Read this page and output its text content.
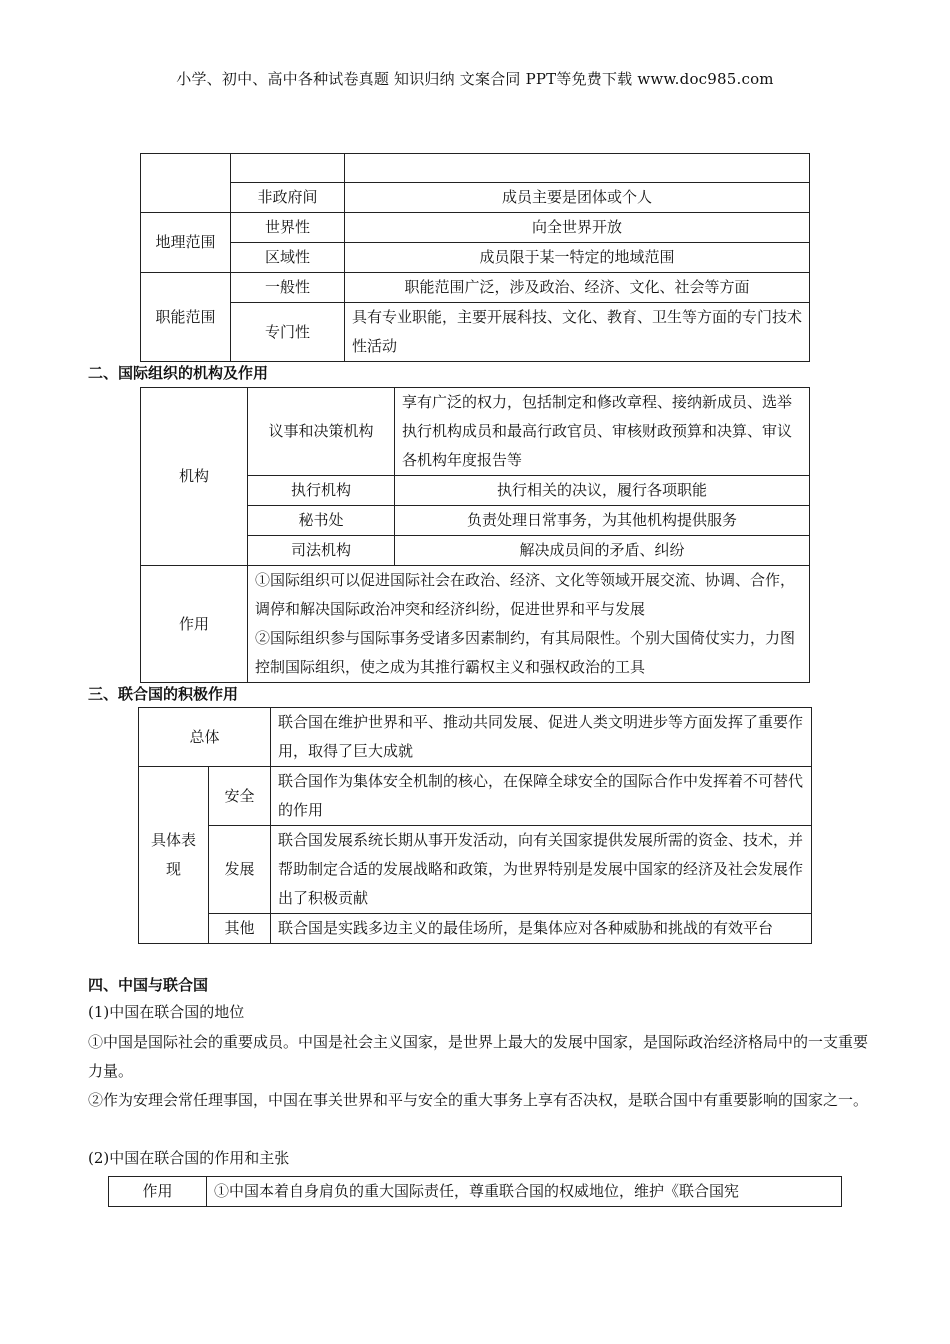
小学、初中、高中各种试卷真题 知识归纳 文案合同 PPT等免费下载 www.doc985.com

	非政府间	成员主要是团体或个人
地理范围	世界性	向全世界开放
	区域性	成员限于某一特定的地域范围
职能范围	一般性	职能范围广泛，涉及政治、经济、文化、社会等方面
	专门性	具有专业职能，主要开展科技、文化、教育、卫生等方面的专门技术性活动
二、国际组织的机构及作用
机构	议事和决策机构	享有广泛的权力，包括制定和修改章程、接纳新成员、选举执行机构成员和最高行政官员、审核财政预算和决算、审议各机构年度报告等
	执行机构	执行相关的决议，履行各项职能
	秘书处	负责处理日常事务，为其他机构提供服务
	司法机构	解决成员间的矛盾、纠纷
作用	①国际组织可以促进国际社会在政治、经济、文化等领域开展交流、协调、合作，调停和解决国际政治冲突和经济纠纷，促进世界和平与发展
②国际组织参与国际事务受诸多因素制约，有其局限性。个别大国倚仗实力，力图控制国际组织，使之成为其推行霸权主义和强权政治的工具	
三、联合国的积极作用
总体		联合国在维护世界和平、推动共同发展、促进人类文明进步等方面发挥了重要作用，取得了巨大成就
具体表现	安全	联合国作为集体安全机制的核心，在保障全球安全的国际合作中发挥着不可替代的作用
	发展	联合国发展系统长期从事开发活动，向有关国家提供发展所需的资金、技术，并帮助制定合适的发展战略和政策，为世界特别是发展中国家的经济及社会发展作出了积极贡献
	其他	联合国是实践多边主义的最佳场所，是集体应对各种威胁和挑战的有效平台
四、中国与联合国
(1)中国在联合国的地位
①中国是国际社会的重要成员。中国是社会主义国家，是世界上最大的发展中国家，是国际政治经济格局中的一支重要力量。
②作为安理会常任理事国，中国在事关世界和平与安全的重大事务上享有否决权，是联合国中有重要影响的国家之一。
(2)中国在联合国的作用和主张
作用	①中国本着自身肩负的重大国际责任，尊重联合国的权威地位，维护《联合国宪
